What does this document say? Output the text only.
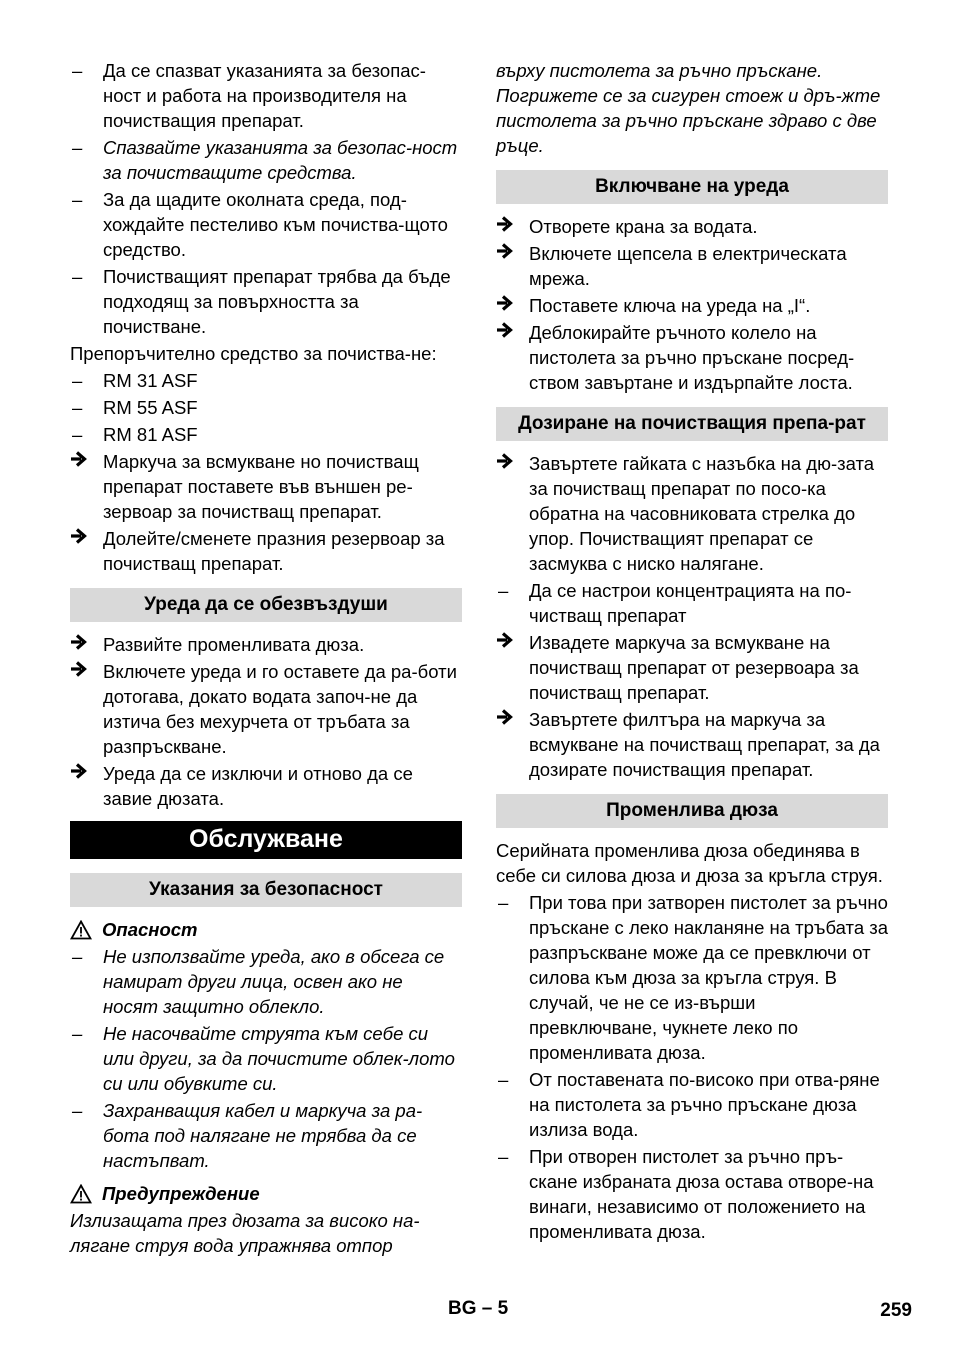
–	Да се спазват указанията за безопас-ност и работа на производителя на почистващия препарат.
–	Спазвайте указанията за безопас-ност за почистващите средства.
–	За да щадите околната среда, под-хождайте пестеливо към почиства-щото средство.
–	Почистващият препарат трябва да бъде подходящ за повърхността за почистване.

Препоръчително средство за почиства-не:

–	RM 31 ASF
–	RM 55 ASF
–	RM 81 ASF
Маркуча за всмукване но почистващ препарат поставете във външен ре-зервоар за почистващ препарат.
Долейте/сменете празния резервоар за почистващ препарат.
Уреда да се обезвъздуши
Развийте променливата дюза.
Включете уреда и го оставете да ра-боти дотогава, докато водата започ-не да изтича без мехурчета от тръбата за разпръскване.
Уреда да се изключи и отново да се завие дюзата.
Обслужване
Указания за безопасност
Опасност
–	Не използвайте уреда, ако в обсега се намират други лица, освен ако не носят защитно облекло.
–	Не насочвайте струята към себе си или други, за да почистите облек-лото си или обувките си.
–	Захранващия кабел и маркуча за ра-бота под налягане не трябва да се настъпват.
Предупреждение

Излизащата през дюзата за високо на-лягане струя вода упражнява отпор

върху пистолета за ръчно пръскане. Погрижете се за сигурен стоеж и дръ-жте пистолета за ръчно пръскане здраво с две ръце.

Включване на уреда
Отворете крана за водата.
Включете щепсела в електрическата мрежа.
Поставете ключа на уреда на „I“.
Деблокирайте ръчното колело на пистолета за ръчно пръскане посред-ством завъртане и издърпайте лоста.
Дозиране на почистващия препа-рат
Завъртете гайката с назъбка на дю-зата за почистващ препарат по посо-ка обратна на часовниковата стрелка до упор. Почистващият препарат се засмуква с ниско налягане.
–	Да се настрои концентрацията на по-чистващ препарат
Извадете маркуча за всмукване на почистващ препарат от резервоара за почистващ препарат.
Завъртете филтъра на маркуча за всмукване на почистващ препарат, за да дозирате почистващия препарат.
Променлива дюза

Серийната променлива дюза обединява в себе си силова дюза и дюза за кръгла струя.

–	При това при затворен пистолет за ръчно пръскане с леко накланяне на тръбата за разпръскване може да се превключи от силова към дюза за кръгла струя. В случай, че не се из-върши превключване, чукнете леко по променливата дюза.
–	От поставената по-високо при отва-ряне на пистолета за ръчно пръскане дюза излиза вода.
–	При отворен пистолет за ръчно пръ-скане избраната дюза остава отворе-на винаги, независимо от положението на променливата дюза.
BG – 5	259
